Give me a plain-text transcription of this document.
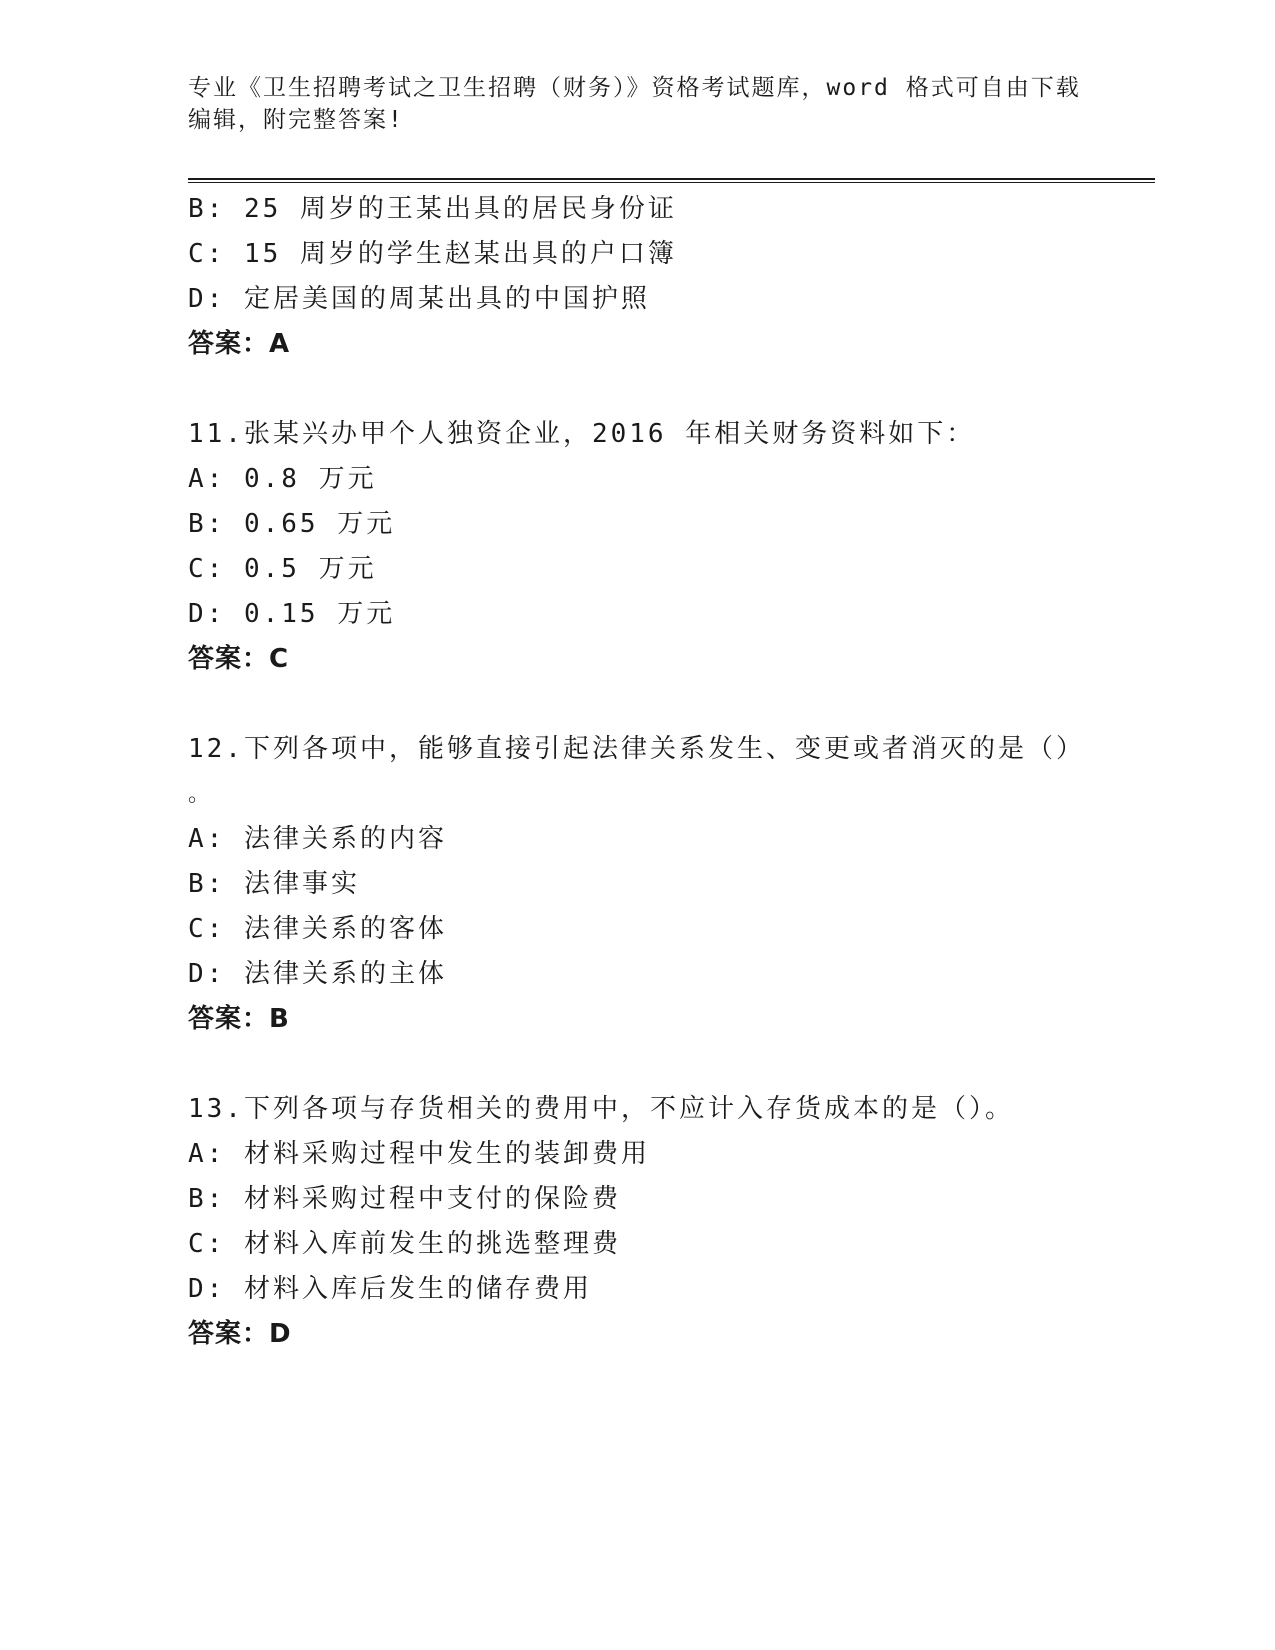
专业《卫生招聘考试之卫生招聘（财务）》资格考试题库，word 格式可自由下载
编辑，附完整答案!
B: 25 周岁的王某出具的居民身份证
C: 15 周岁的学生赵某出具的户口簿
D: 定居美国的周某出具的中国护照
答案：A
11.张某兴办甲个人独资企业，2016 年相关财务资料如下：
A: 0.8 万元
B: 0.65 万元
C: 0.5 万元
D: 0.15 万元
答案：C
12.下列各项中，能够直接引起法律关系发生、变更或者消灭的是（）
。
A: 法律关系的内容
B: 法律事实
C: 法律关系的客体
D: 法律关系的主体
答案：B
13.下列各项与存货相关的费用中，不应计入存货成本的是（）。
A: 材料采购过程中发生的装卸费用
B: 材料采购过程中支付的保险费
C: 材料入库前发生的挑选整理费
D: 材料入库后发生的储存费用
答案：D
